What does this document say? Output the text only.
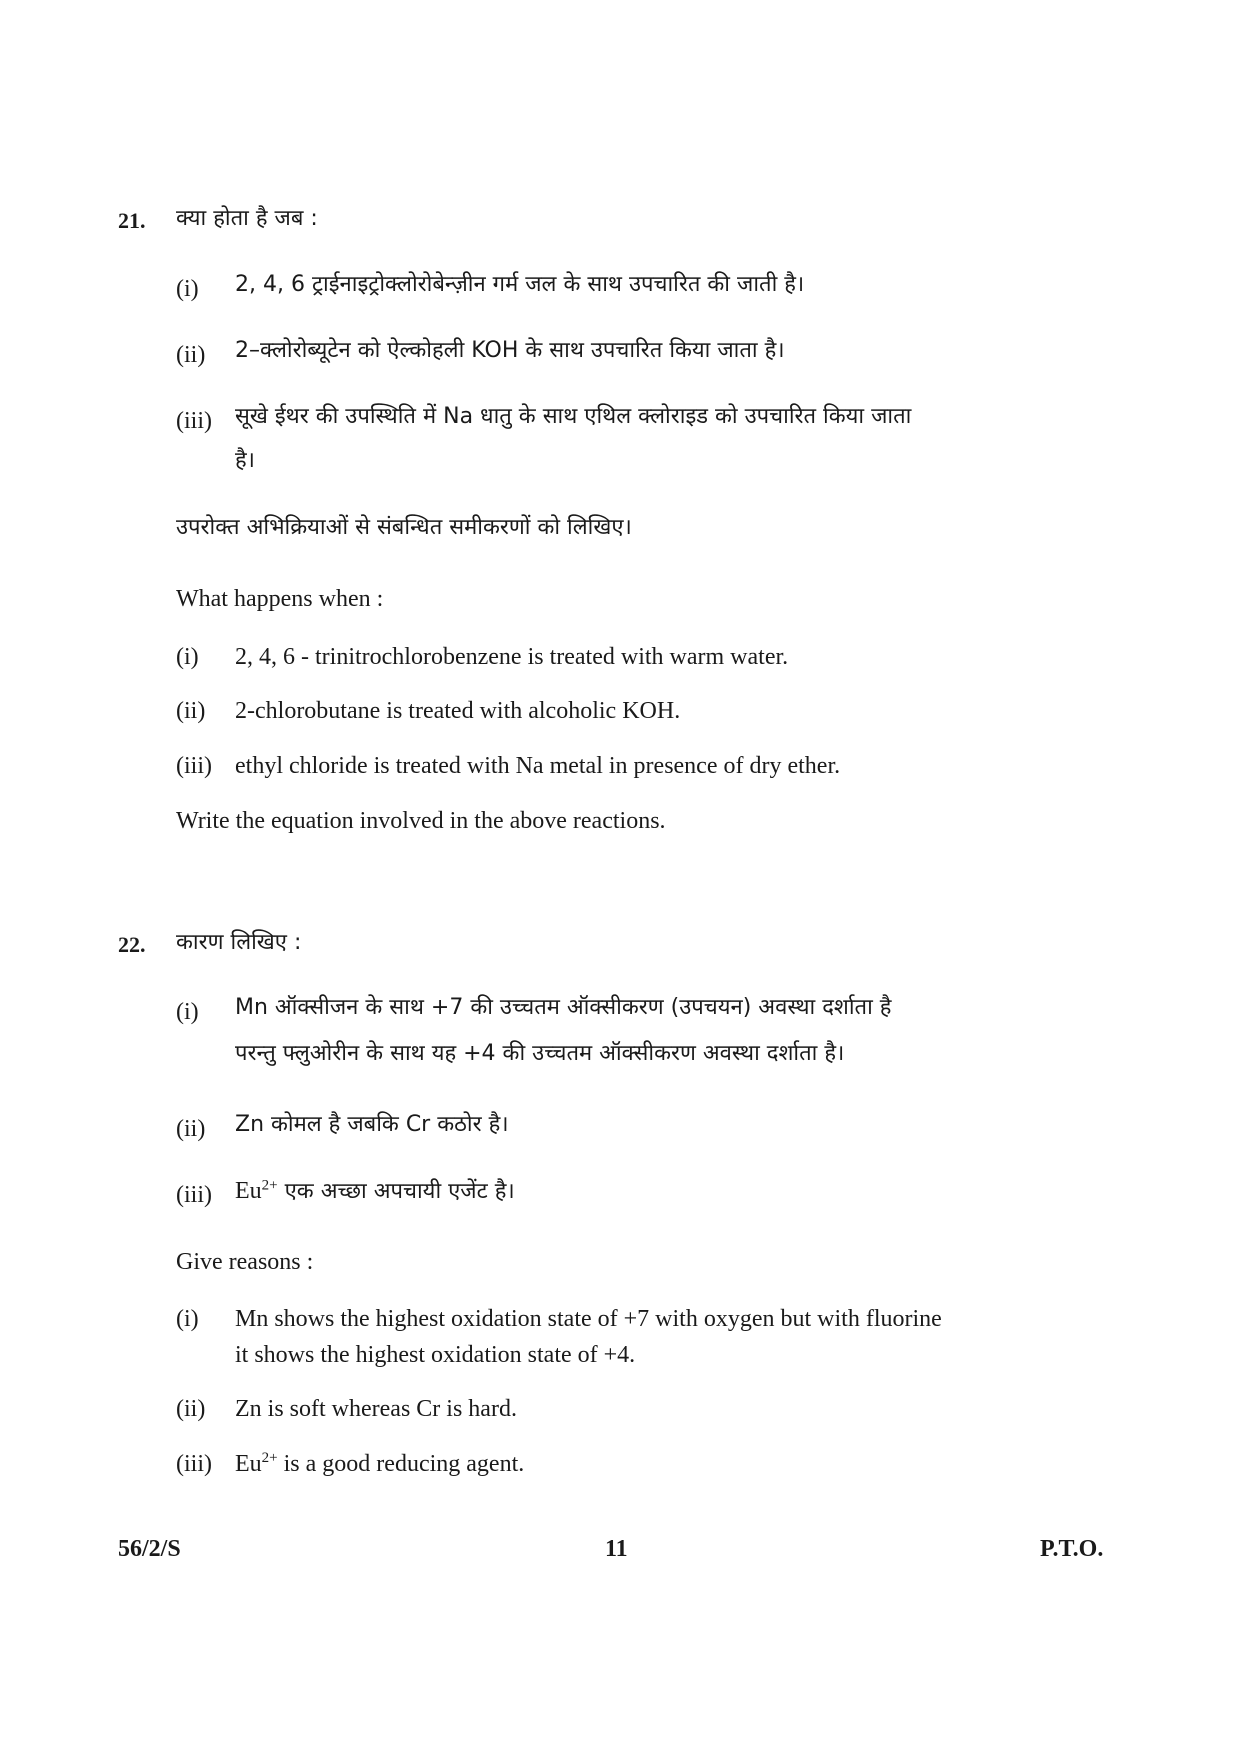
21. क्या होता है जब :
(i) 2, 4, 6 ट्राईनाइट्रोक्लोरोबेन्ज़ीन गर्म जल के साथ उपचारित की जाती है।
(ii) 2–क्लोरोब्यूटेन को ऐल्कोहली KOH के साथ उपचारित किया जाता है।
(iii) सूखे ईथर की उपस्थिति में Na धातु के साथ एथिल क्लोराइड को उपचारित किया जाता
है।
उपरोक्त अभिक्रियाओं से संबन्धित समीकरणों को लिखिए।
What happens when :
(i) 2, 4, 6 - trinitrochlorobenzene is treated with warm water.
(ii) 2-chlorobutane is treated with alcoholic KOH.
(iii) ethyl chloride is treated with Na metal in presence of dry ether.
Write the equation involved in the above reactions.
22. कारण लिखिए :
(i) Mn ऑक्सीजन के साथ +7 की उच्चतम ऑक्सीकरण (उपचयन) अवस्था दर्शाता है
परन्तु फ्लुओरीन के साथ यह +4 की उच्चतम ऑक्सीकरण अवस्था दर्शाता है।
(ii) Zn कोमल है जबकि Cr कठोर है।
(iii) $Eu^{2+}$ एक अच्छा अपचायी एजेंट है।
Give reasons :
(i) Mn shows the highest oxidation state of +7 with oxygen but with fluorine
it shows the highest oxidation state of +4.
(ii) Zn is soft whereas Cr is hard.
(iii) $Eu^{2+}$ is a good reducing agent.
56/2/S	11	P.T.O.
